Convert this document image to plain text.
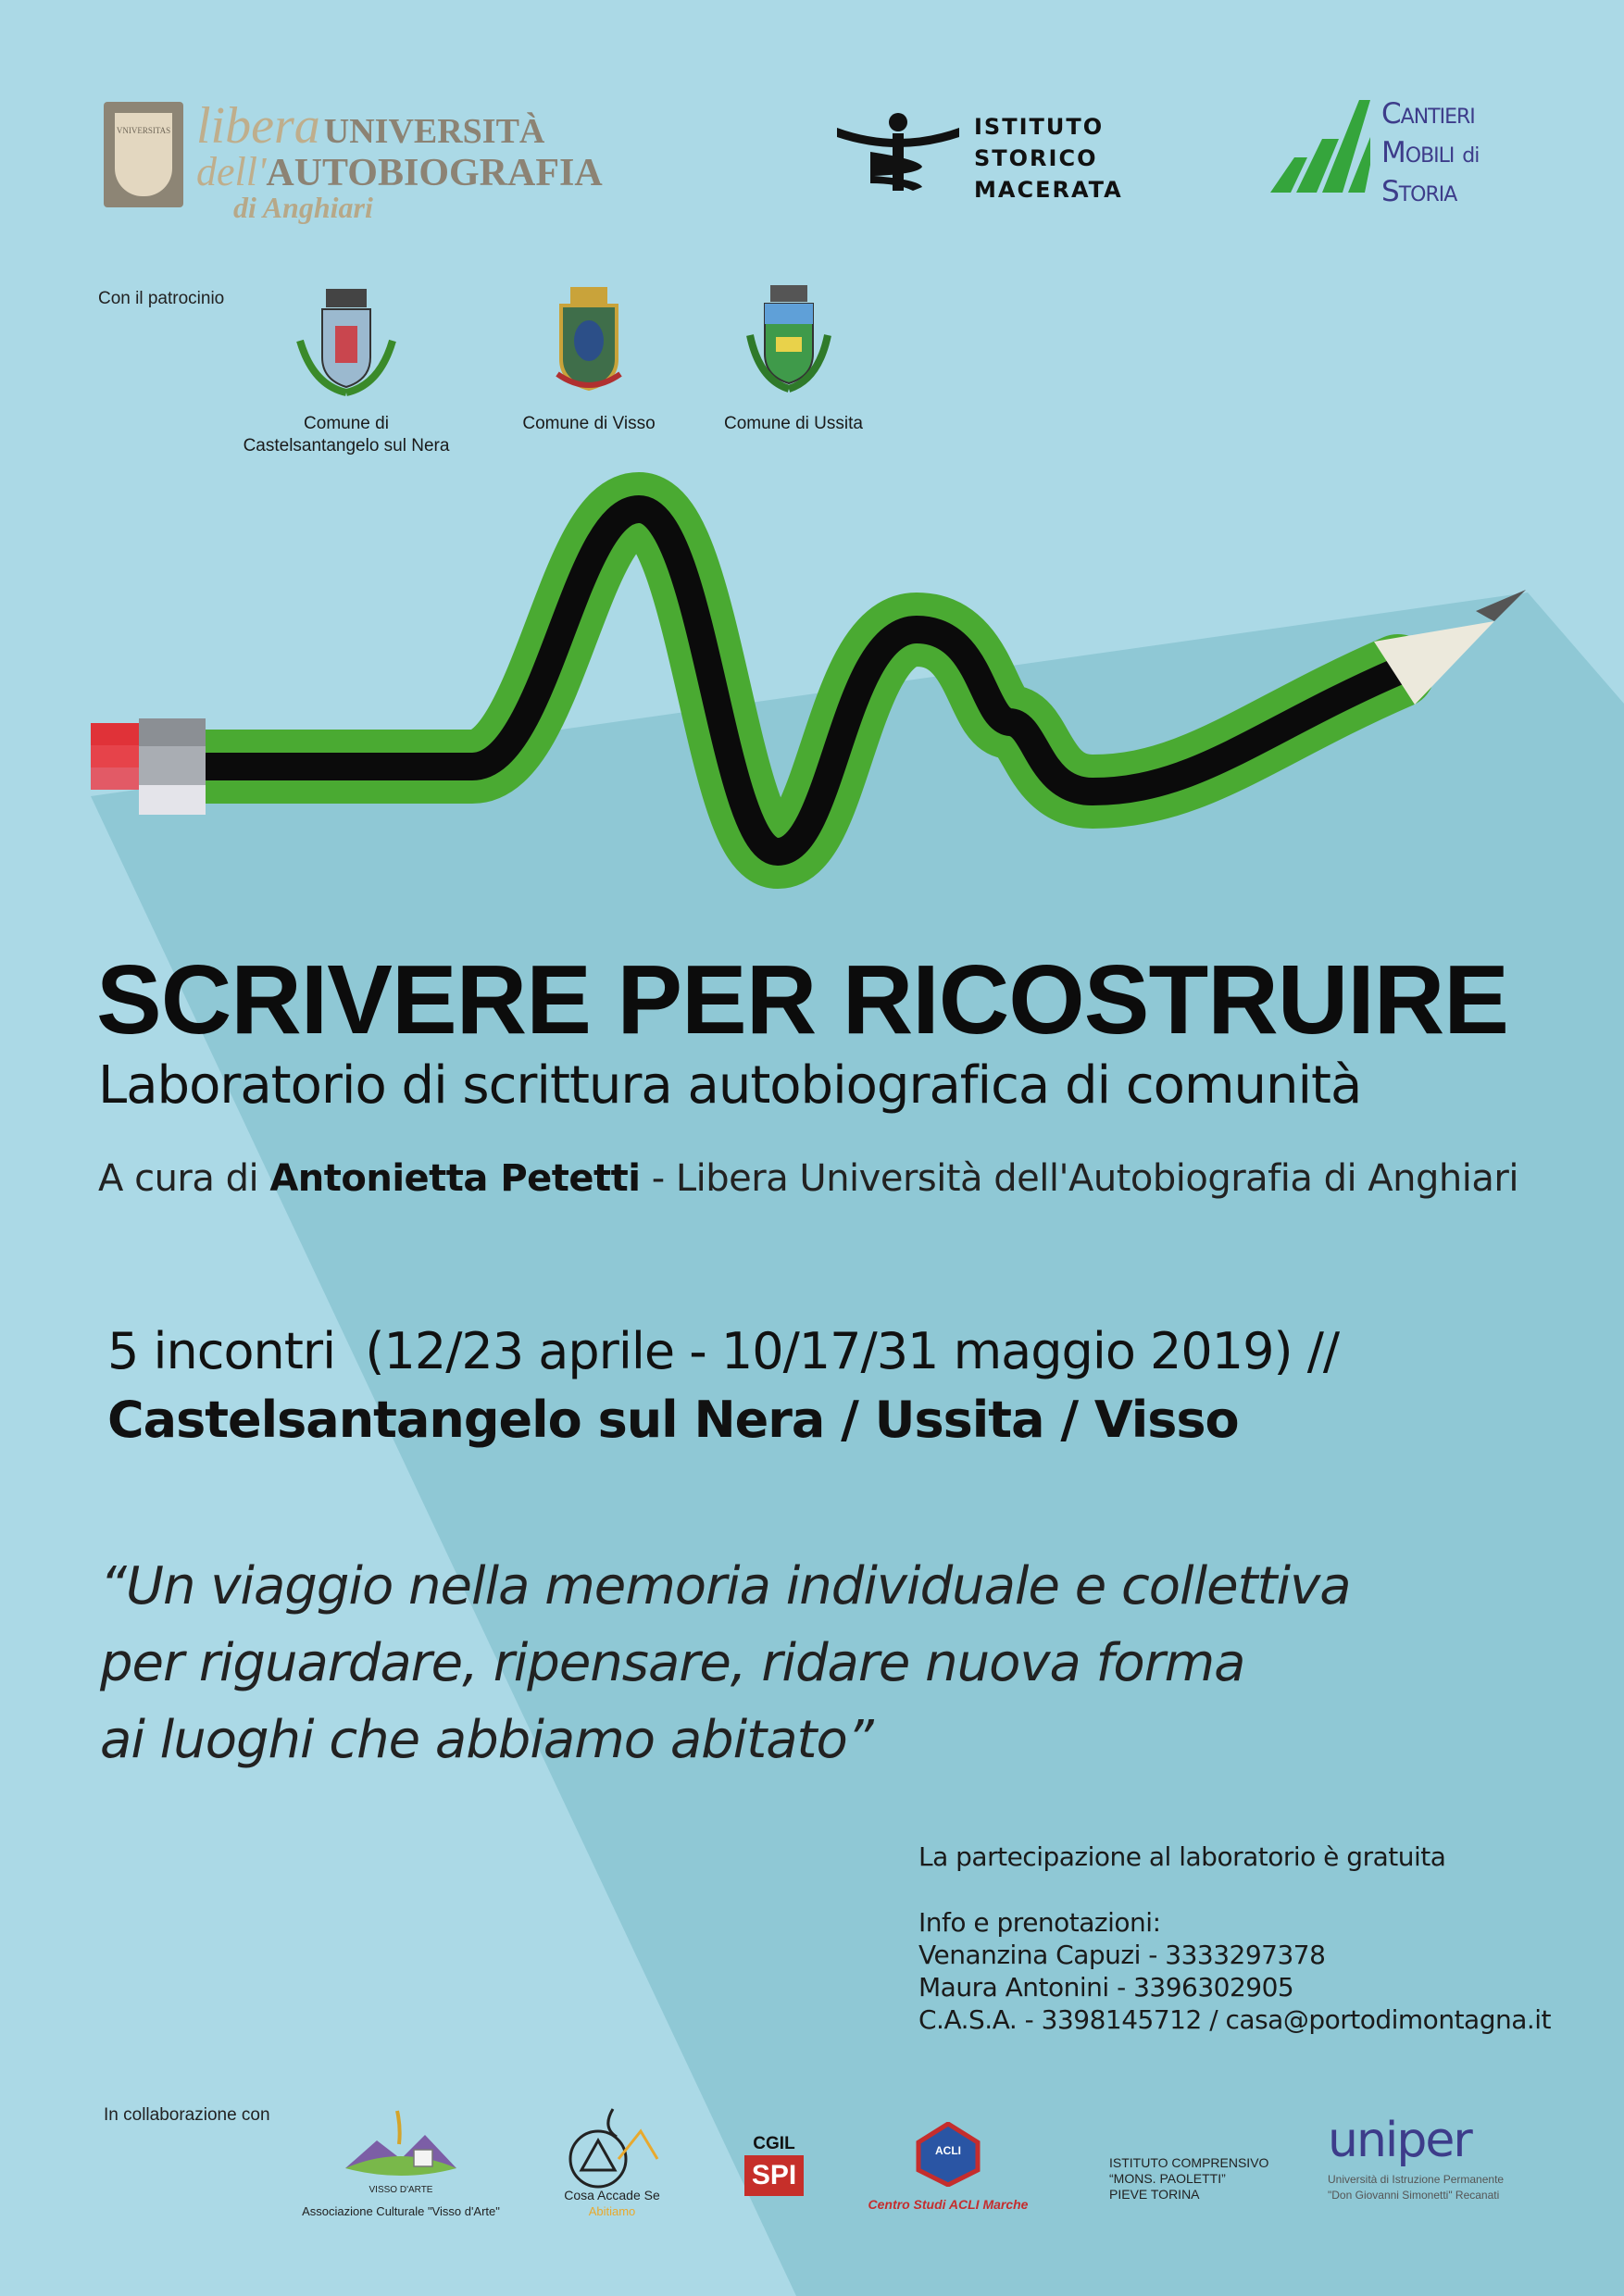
VNIVERSITAS libera UNIVERSITÀ
dell'AUTOBIOGRAFIA
di Anghiari
ISTITUTO
STORICO
MACERATA
CANTIERI
MOBILI di
STORIA
Con il patrocinio
Comune di
Castelsantangelo sul Nera
Comune di Visso	Comune di Ussita
SCRIVERE PER RICOSTRUIRE
Laboratorio di scrittura autobiografica di comunità
A cura di Antonietta Petetti - Libera Università dell'Autobiografia di Anghiari
5 incontri (12/23 aprile - 10/17/31 maggio 2019) //
Castelsantangelo sul Nera / Ussita / Visso
“Un viaggio nella memoria individuale e collettiva
per riguardare, ripensare, ridare nuova forma
ai luoghi che abbiamo abitato”
La partecipazione al laboratorio è gratuita
Info e prenotazioni:
Venanzina Capuzi - 3333297378
Maura Antonini - 3396302905
C.A.S.A. - 3398145712 / casa@portodimontagna.it
In collaborazione con
VISSO D'ARTE
Associazione Culturale "Visso d'Arte"
Cosa Accade Se
Abitiamo
CGIL
SPI
ACLI
Centro Studi ACLI Marche
ISTITUTO COMPRENSIVO
“MONS. PAOLETTI”
PIEVE TORINA
uniper
Università di Istruzione Permanente
"Don Giovanni Simonetti" Recanati
